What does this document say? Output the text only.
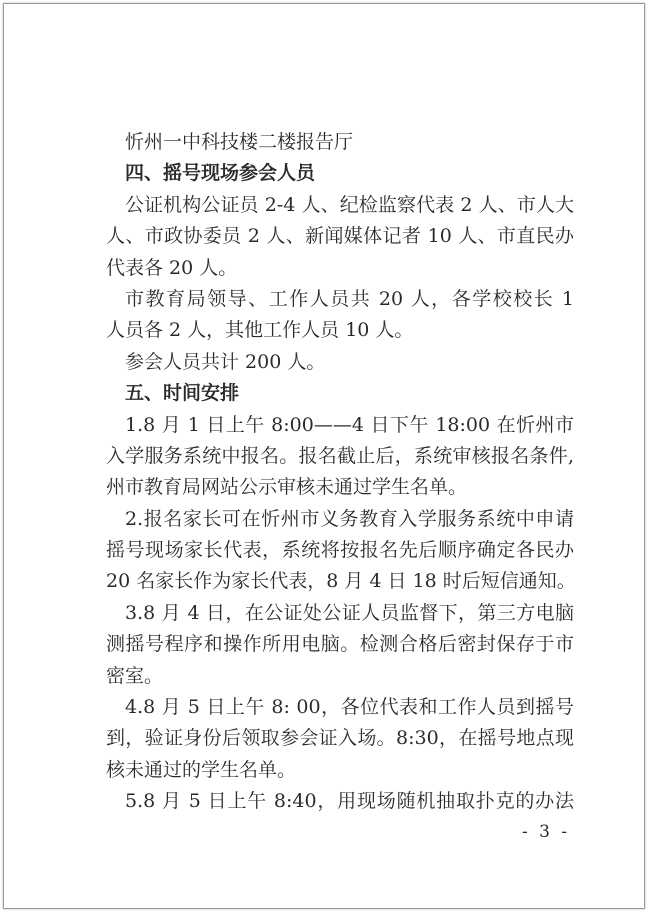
忻州一中科技楼二楼报告厅
四、摇号现场参会人员
公证机构公证员 2-4 人、纪检监察代表 2 人、市人大
人、市政协委员 2 人、新闻媒体记者 10 人、市直民办
代表各 20 人。
市教育局领导、工作人员共 20 人，各学校校长 1
人员各 2 人，其他工作人员 10 人。
参会人员共计 200 人。
五、时间安排
1.8 月 1 日上午 8:00——4 日下午 18:00 在忻州市
入学服务系统中报名。报名截止后，系统审核报名条件,
州市教育局网站公示审核未通过学生名单。
2.报名家长可在忻州市义务教育入学服务系统中申请
摇号现场家长代表，系统将按报名先后顺序确定各民办
20 名家长作为家长代表，8 月 4 日 18 时后短信通知。
3.8 月 4 日，在公证处公证人员监督下，第三方电脑
测摇号程序和操作所用电脑。检测合格后密封保存于市
密室。
4.8 月 5 日上午 8: 00，各位代表和工作人员到摇号
到，验证身份后领取参会证入场。8:30，在摇号地点现
核未通过的学生名单。
5.8 月 5 日上午 8:40，用现场随机抽取扑克的办法
- 3 -
